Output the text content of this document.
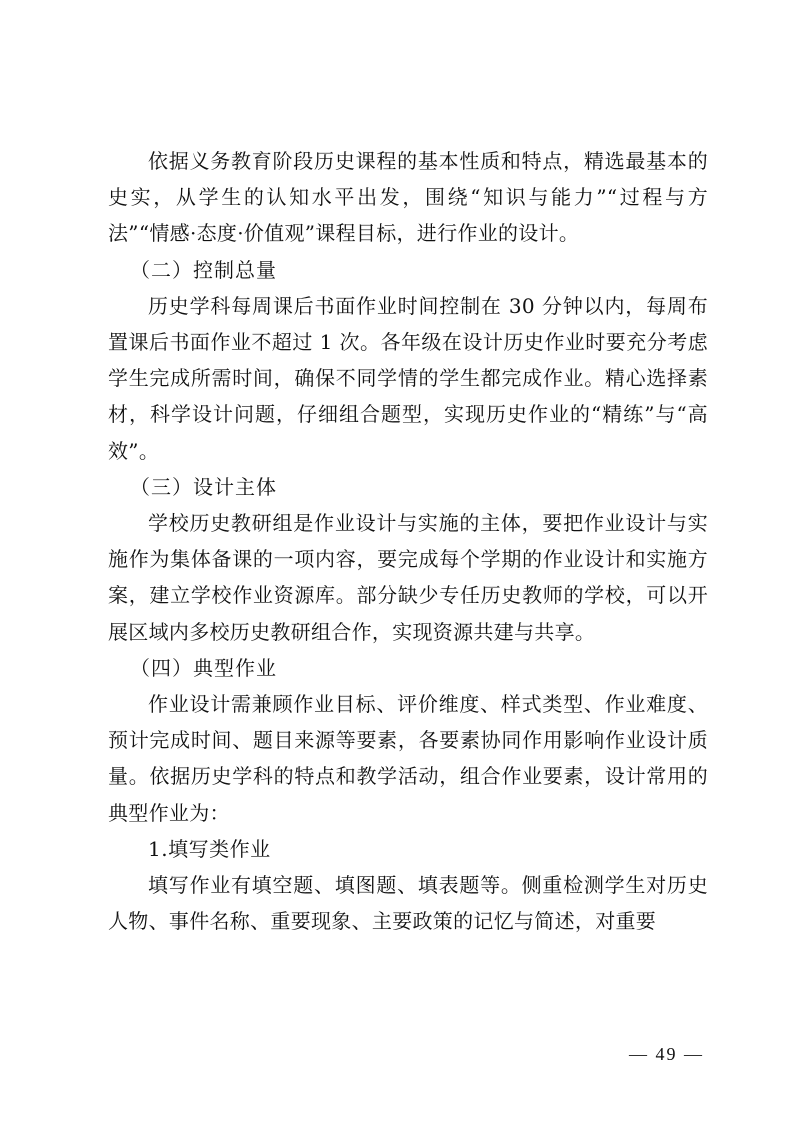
依据义务教育阶段历史课程的基本性质和特点，精选最基本的史实，从学生的认知水平出发，围绕“知识与能力”“过程与方法”“情感·态度·价值观”课程目标，进行作业的设计。

（二）控制总量

历史学科每周课后书面作业时间控制在 30 分钟以内，每周布置课后书面作业不超过 1 次。各年级在设计历史作业时要充分考虑学生完成所需时间，确保不同学情的学生都完成作业。精心选择素材，科学设计问题，仔细组合题型，实现历史作业的“精练”与“高效”。

（三）设计主体

学校历史教研组是作业设计与实施的主体，要把作业设计与实施作为集体备课的一项内容，要完成每个学期的作业设计和实施方案，建立学校作业资源库。部分缺少专任历史教师的学校，可以开展区域内多校历史教研组合作，实现资源共建与共享。

（四）典型作业

作业设计需兼顾作业目标、评价维度、样式类型、作业难度、预计完成时间、题目来源等要素，各要素协同作用影响作业设计质量。依据历史学科的特点和教学活动，组合作业要素，设计常用的典型作业为：

1.填写类作业

填写作业有填空题、填图题、填表题等。侧重检测学生对历史人物、事件名称、重要现象、主要政策的记忆与简述，对重要

— 49 —
